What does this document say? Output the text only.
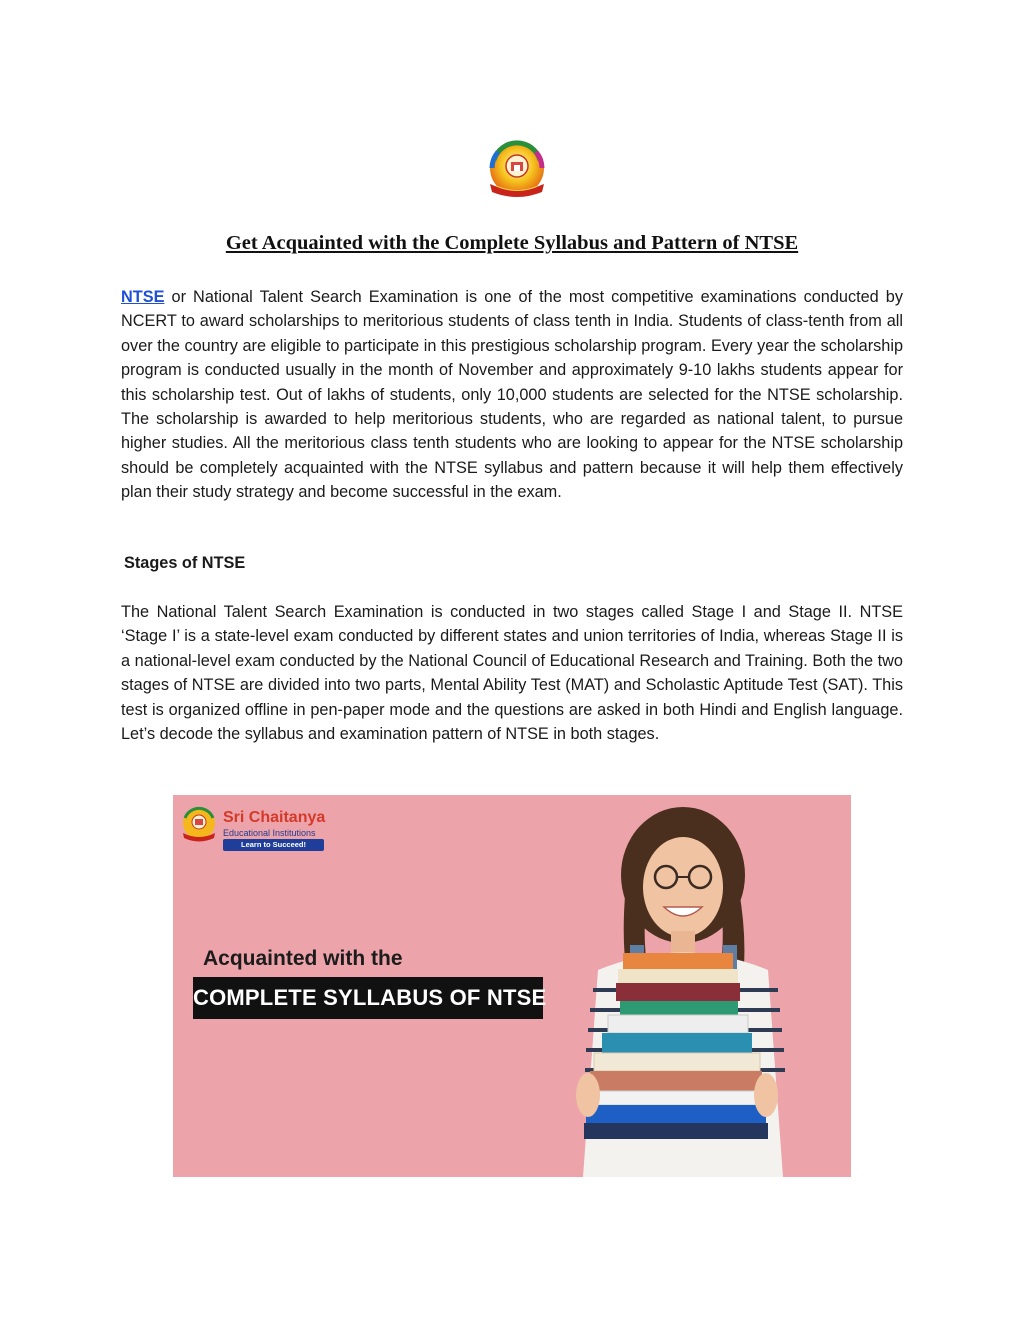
Get Acquainted with the Complete Syllabus and Pattern of NTSE

NTSE or National Talent Search Examination is one of the most competitive examinations conducted by NCERT to award scholarships to meritorious students of class tenth in India. Students of class-tenth from all over the country are eligible to participate in this prestigious scholarship program. Every year the scholarship program is conducted usually in the month of November and approximately 9-10 lakhs students appear for this scholarship test. Out of lakhs of students, only 10,000 students are selected for the NTSE scholarship. The scholarship is awarded to help meritorious students, who are regarded as national talent, to pursue higher studies. All the meritorious class tenth students who are looking to appear for the NTSE scholarship should be completely acquainted with the NTSE syllabus and pattern because it will help them effectively plan their study strategy and become successful in the exam.

Stages of NTSE

The National Talent Search Examination is conducted in two stages called Stage I and Stage II. NTSE ‘Stage I’ is a state-level exam conducted by different states and union territories of India, whereas Stage II is a national-level exam conducted by the National Council of Educational Research and Training. Both the two stages of NTSE are divided into two parts, Mental Ability Test (MAT) and Scholastic Aptitude Test (SAT). This test is organized offline in pen-paper mode and the questions are asked in both Hindi and English language. Let’s decode the syllabus and examination pattern of NTSE in both stages.

Sri Chaitanya
Educational Institutions
Learn to Succeed!
Acquainted with the
COMPLETE SYLLABUS OF NTSE
